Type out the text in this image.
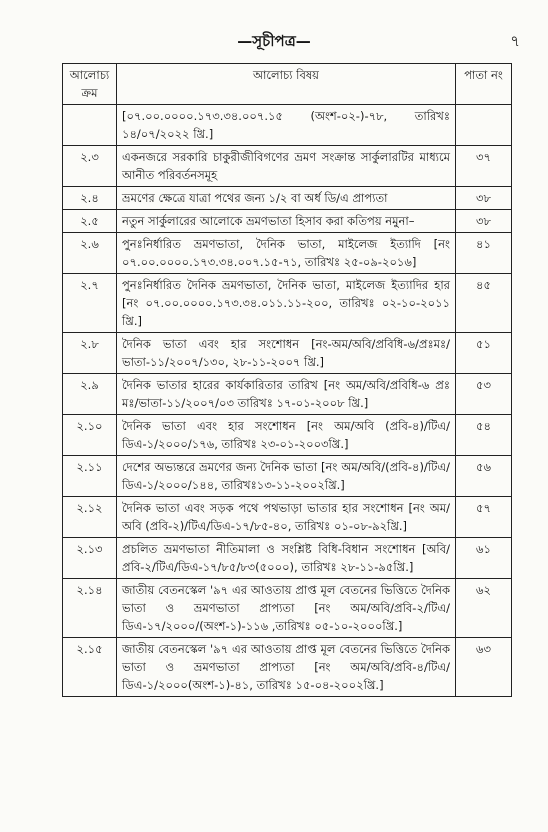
—সূচীপত্র—	৭
আলোচ্য ক্রম	আলোচ্য বিষয়	পাতা নং
	[০৭.০০.০০০০.১৭৩.৩৪.০০৭.১৫ (অংশ-০২-)-৭৮, তারিখঃ ১৪/০৭/২০২২ খ্রি.]	
২.৩	একনজরে সরকারি চাকুরীজীবিগণের ভ্রমণ সংক্রান্ত সার্কুলারটির মাধ্যমে আনীত পরিবর্তনসমূহ	৩৭
২.৪	ভ্রমণের ক্ষেত্রে যাত্রা পথের জন্য ১/২ বা অর্ধ ডি/এ প্রাপ্যতা	৩৮
২.৫	নতুন সার্কুলারের আলোকে ভ্রমণভাতা হিসাব করা কতিপয় নমুনা–	৩৮
২.৬	পুনঃনির্ধারিত ভ্রমণভাতা, দৈনিক ভাতা, মাইলেজ ইত্যাদি [নং ০৭.০০.০০০০.১৭৩.৩৪.০০৭.১৫-৭১, তারিখঃ ২৫-০৯-২০১৬]	৪১
২.৭	পুনঃনির্ধারিত দৈনিক ভ্রমণভাতা, দৈনিক ভাতা, মাইলেজ ইত্যাদির হার [নং ০৭.০০.০০০০.১৭৩.৩৪.০১১.১১-২০০, তারিখঃ ০২-১০-২০১১ খ্রি.]	৪৫
২.৮	দৈনিক ভাতা এবং হার সংশোধন [নং-অম/অবি/প্রবিধি-৬/প্রঃমঃ/ভাতা-১১/২০০৭/১৩০, ২৮-১১-২০০৭ খ্রি.]	৫১
২.৯	দৈনিক ভাতার হারের কার্যকারিতার তারিখ [নং অম/অবি/প্রবিধি-৬ প্রঃ মঃ/ভাতা-১১/২০০৭/০৩ তারিখঃ ১৭-০১-২০০৮ খ্রি.]	৫৩
২.১০	দৈনিক ভাতা এবং হার সংশোধন [নং অম/অবি (প্রবি-৪)/টিএ/ডিএ-১/২০০০/১৭৬, তারিখঃ ২৩-০১-২০০৩খ্রি.]	৫৪
২.১১	দেশের অভ্যন্তরে ভ্রমণের জন্য দৈনিক ভাতা [নং অম/অবি/(প্রবি-৪)/টিএ/ডিএ-১/২০০০/১৪৪, তারিখঃ১৩-১১-২০০২খ্রি.]	৫৬
২.১২	দৈনিক ভাতা এবং সড়ক পথে পথভাড়া ভাতার হার সংশোধন [নং অম/অবি (প্রবি-২)/টিএ/ডিএ-১৭/৮৫-৪০, তারিখঃ ০১-০৮-৯২খ্রি.]	৫৭
২.১৩	প্রচলিত ভ্রমণভাতা নীতিমালা ও সংশ্লিষ্ট বিধি-বিধান সংশোধন [অবি/প্রবি-২/টিএ/ডিএ-১৭/৮৫/৮৩(৫০০০), তারিখঃ ২৮-১১-৯৫খ্রি.]	৬১
২.১৪	জাতীয় বেতনস্কেল '৯৭ এর আওতায় প্রাপ্ত মূল বেতনের ভিত্তিতে দৈনিক ভাতা ও ভ্রমণভাতা প্রাপ্যতা [নং অম/অবি/প্রবি-২/টিএ/ডিএ-১৭/২০০০/(অংশ-১)-১১৬ ,তারিখঃ ০৫-১০-২০০০খ্রি.]	৬২
২.১৫	জাতীয় বেতনস্কেল '৯৭ এর আওতায় প্রাপ্ত মূল বেতনের ভিত্তিতে দৈনিক ভাতা ও ভ্রমণভাতা প্রাপ্যতা [নং অম/অবি/প্রবি-৪/টিএ/ডিএ-১/২০০০(অংশ-১)-৪১, তারিখঃ ১৫-০৪-২০০২খ্রি.]	৬৩
